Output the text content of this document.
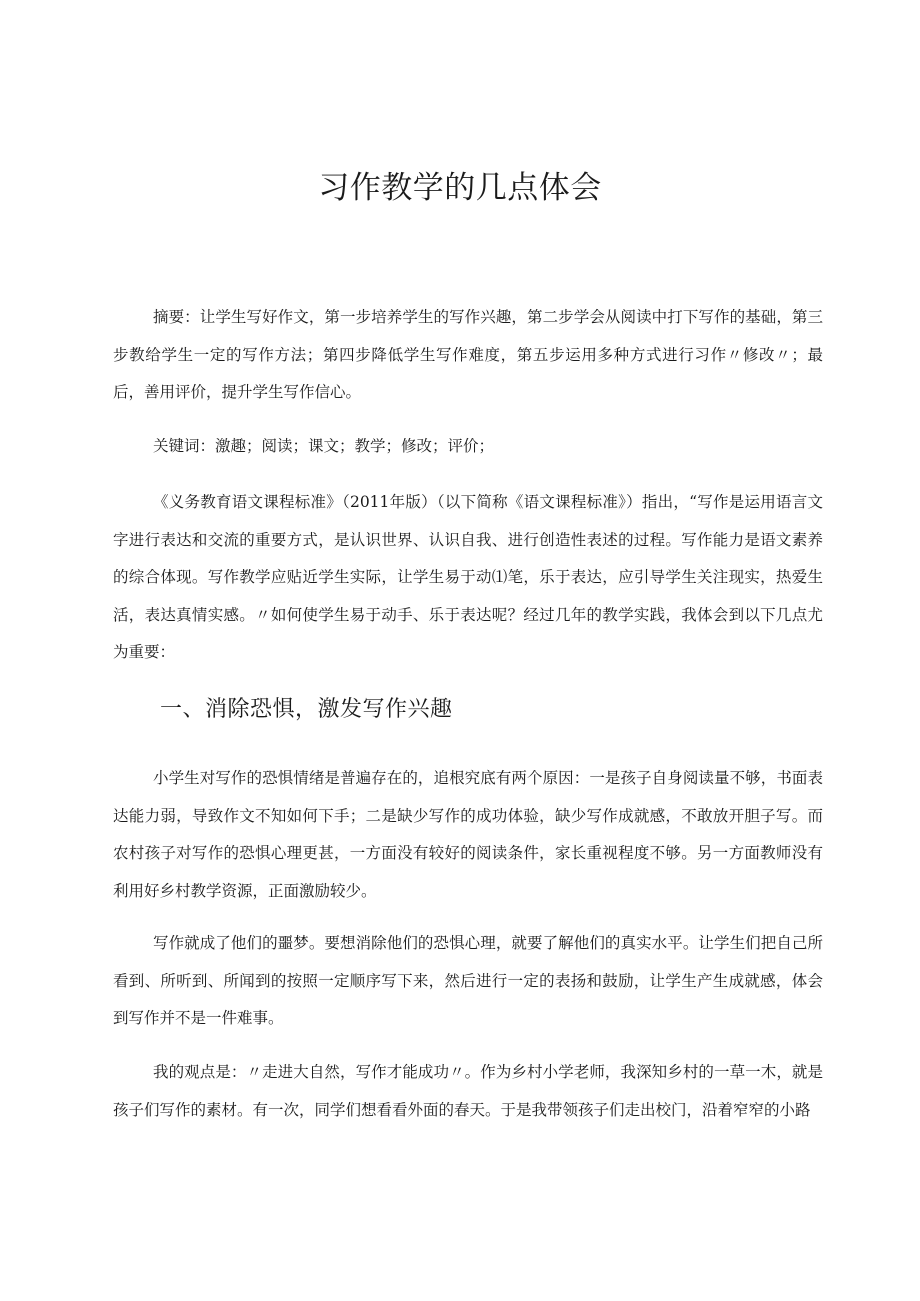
习作教学的几点体会

摘要：让学生写好作文，第一步培养学生的写作兴趣，第二步学会从阅读中打下写作的基础，第三步教给学生一定的写作方法；第四步降低学生写作难度，第五步运用多种方式进行习作〃修改〃；最后，善用评价，提升学生写作信心。

关键词：激趣；阅读；课文；教学；修改；评价；

《义务教育语文课程标准》（2011年版）（以下简称《语文课程标准》）指出，“写作是运用语言文字进行表达和交流的重要方式，是认识世界、认识自我、进行创造性表述的过程。写作能力是语文素养的综合体现。写作教学应贴近学生实际，让学生易于动⑴笔，乐于表达，应引导学生关注现实，热爱生活，表达真情实感。〃如何使学生易于动手、乐于表达呢？经过几年的教学实践，我体会到以下几点尤为重要：

一、消除恐惧，激发写作兴趣

小学生对写作的恐惧情绪是普遍存在的，追根究底有两个原因：一是孩子自身阅读量不够，书面表达能力弱，导致作文不知如何下手；二是缺少写作的成功体验，缺少写作成就感，不敢放开胆子写。而农村孩子对写作的恐惧心理更甚，一方面没有较好的阅读条件，家长重视程度不够。另一方面教师没有利用好乡村教学资源，正面激励较少。

写作就成了他们的噩梦。要想消除他们的恐惧心理，就要了解他们的真实水平。让学生们把自己所看到、所听到、所闻到的按照一定顺序写下来，然后进行一定的表扬和鼓励，让学生产生成就感，体会到写作并不是一件难事。

我的观点是：〃走进大自然，写作才能成功〃。作为乡村小学老师，我深知乡村的一草一木，就是孩子们写作的素材。有一次，同学们想看看外面的春天。于是我带领孩子们走出校门，沿着窄窄的小路
